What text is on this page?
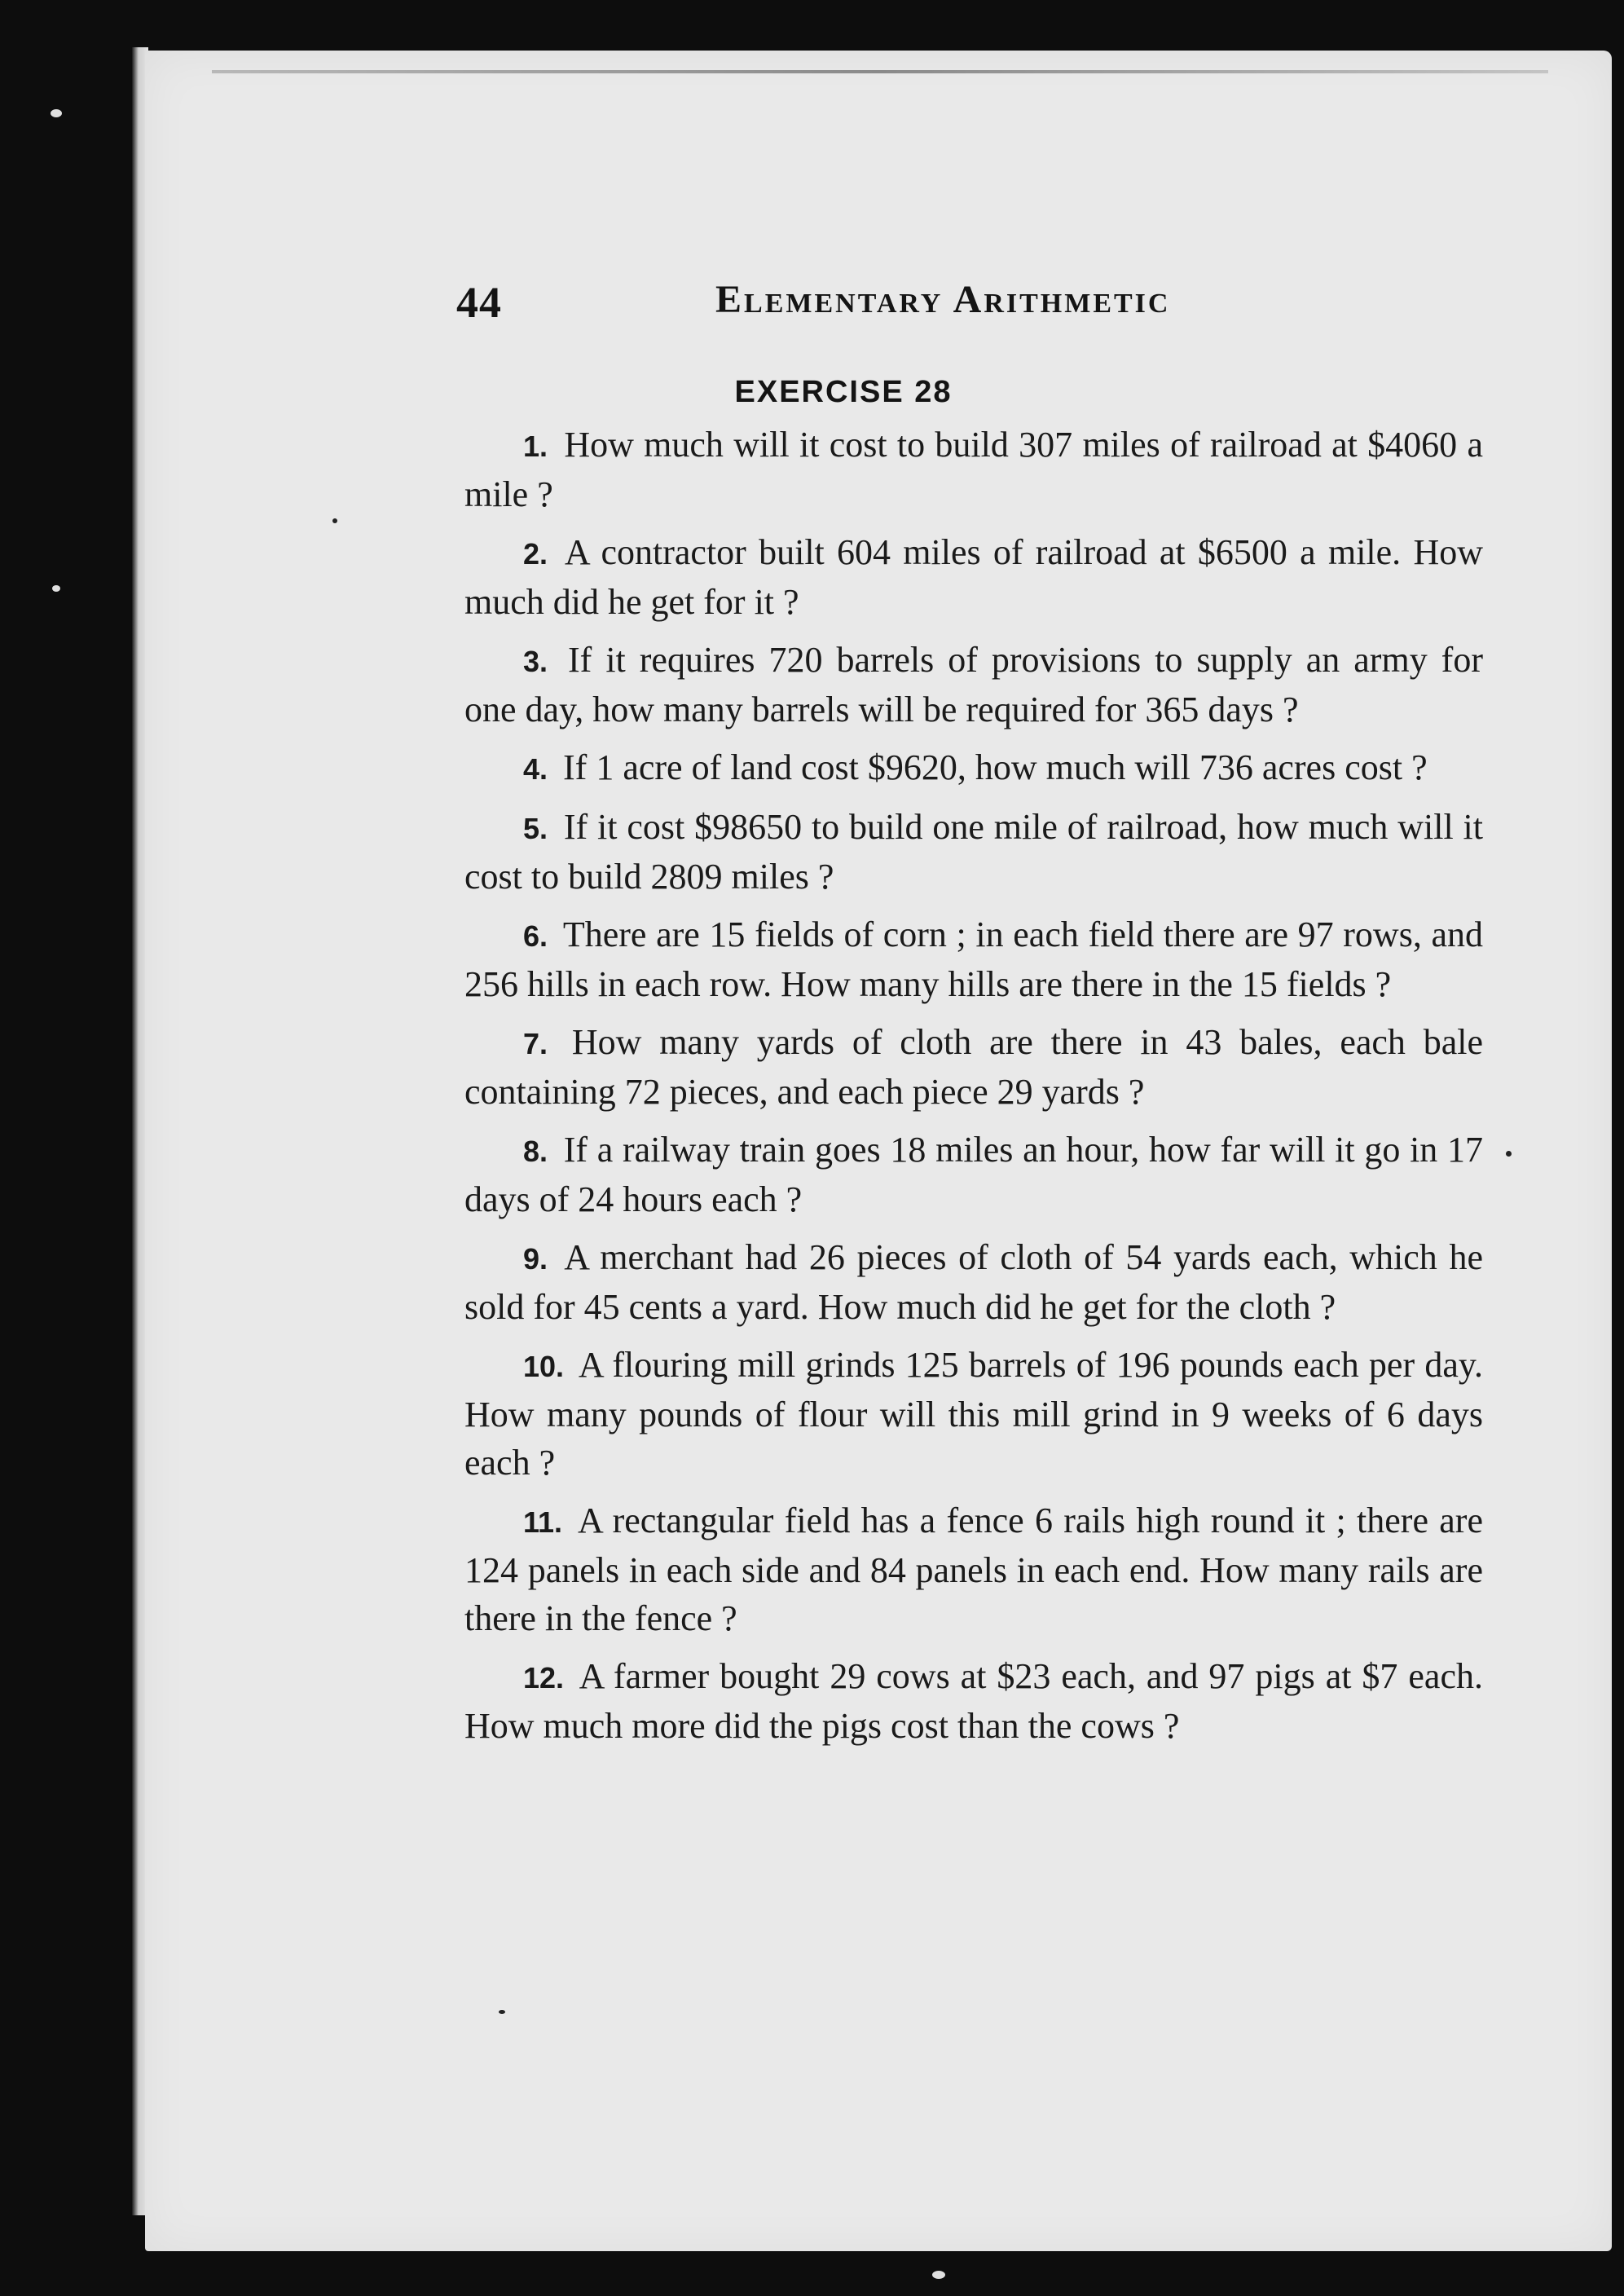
44	Elementary Arithmetic
EXERCISE 28

1. How much will it cost to build 307 miles of railroad at $4060 a mile ?

2. A contractor built 604 miles of railroad at $6500 a mile. How much did he get for it ?

3. If it requires 720 barrels of provisions to supply an army for one day, how many barrels will be required for 365 days ?

4. If 1 acre of land cost $9620, how much will 736 acres cost ?

5. If it cost $98650 to build one mile of railroad, how much will it cost to build 2809 miles ?

6. There are 15 fields of corn ; in each field there are 97 rows, and 256 hills in each row. How many hills are there in the 15 fields ?

7. How many yards of cloth are there in 43 bales, each bale containing 72 pieces, and each piece 29 yards ?

8. If a railway train goes 18 miles an hour, how far will it go in 17 days of 24 hours each ?

9. A merchant had 26 pieces of cloth of 54 yards each, which he sold for 45 cents a yard. How much did he get for the cloth ?

10. A flouring mill grinds 125 barrels of 196 pounds each per day. How many pounds of flour will this mill grind in 9 weeks of 6 days each ?

11. A rectangular field has a fence 6 rails high round it ; there are 124 panels in each side and 84 panels in each end. How many rails are there in the fence ?

12. A farmer bought 29 cows at $23 each, and 97 pigs at $7 each. How much more did the pigs cost than the cows ?
